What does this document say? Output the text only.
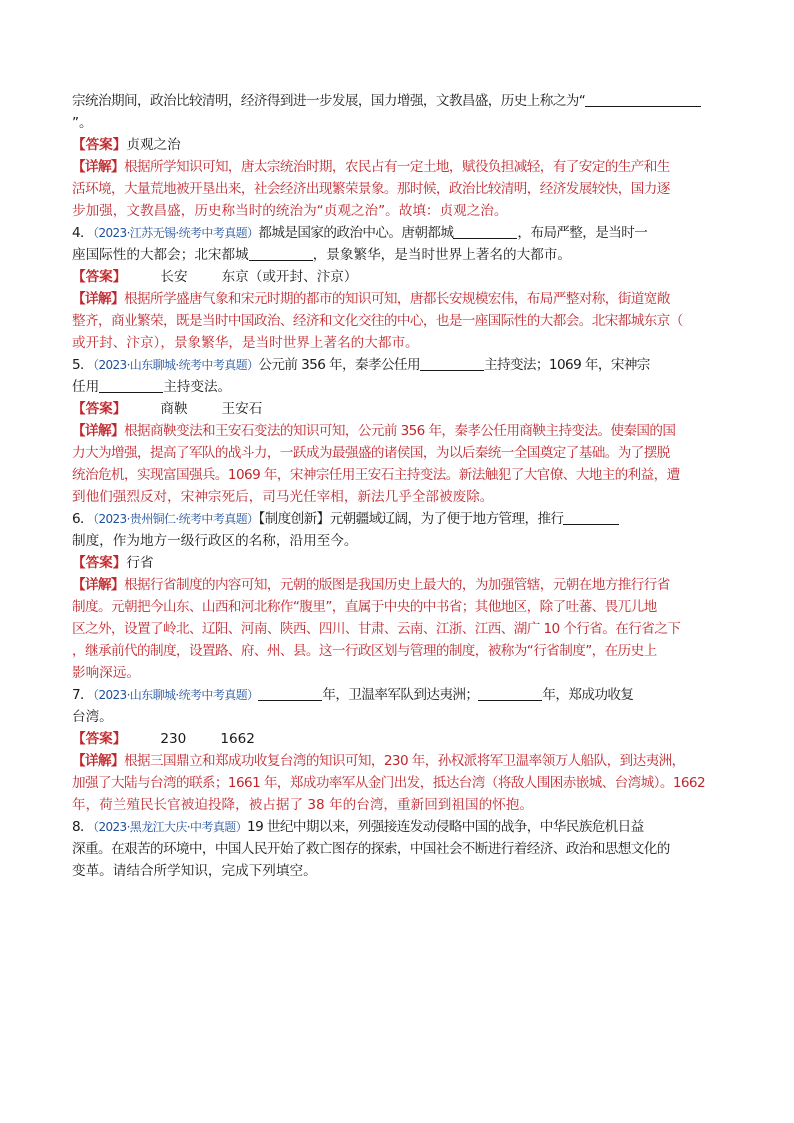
宗统治期间，政治比较清明，经济得到进一步发展，国力增强，文教昌盛，历史上称之为“
”。
【答案】贞观之治
【详解】根据所学知识可知，唐太宗统治时期，农民占有一定土地，赋役负担减轻，有了安定的生产和生
活环境，大量荒地被开垦出来，社会经济出现繁荣景象。那时候，政治比较清明，经济发展较快，国力逐
步加强，文教昌盛，历史称当时的统治为“贞观之治”。故填：贞观之治。
4．（2023·江苏无锡·统考中考真题）都城是国家的政治中心。唐朝都城	，布局严整，是当时一
座国际性的大都会；北宋都城	，景象繁华，是当时世界上著名的大都市。
【答案】	长安	东京（或开封、汴京）
【详解】根据所学盛唐气象和宋元时期的都市的知识可知，唐都长安规模宏伟，布局严整对称，街道宽敞
整齐，商业繁荣，既是当时中国政治、经济和文化交往的中心，也是一座国际性的大都会。北宋都城东京（
或开封、汴京），景象繁华，是当时世界上著名的大都市。
5．（2023·山东聊城·统考中考真题）公元前 356 年，秦孝公任用	主持变法；1069 年，宋神宗
任用	主持变法。
【答案】	商鞅	王安石
【详解】根据商鞅变法和王安石变法的知识可知，公元前 356 年，秦孝公任用商鞅主持变法。使秦国的国
力大为增强，提高了军队的战斗力，一跃成为最强盛的诸侯国，为以后秦统一全国奠定了基础。为了摆脱
统治危机，实现富国强兵。1069 年，宋神宗任用王安石主持变法。新法触犯了大官僚、大地主的利益，遭
到他们强烈反对，宋神宗死后，司马光任宰相，新法几乎全部被废除。
6．（2023·贵州铜仁·统考中考真题）【制度创新】元朝疆域辽阔，为了便于地方管理，推行
制度，作为地方一级行政区的名称，沿用至今。
【答案】行省
【详解】根据行省制度的内容可知，元朝的版图是我国历史上最大的，为加强管辖，元朝在地方推行行省
制度。元朝把今山东、山西和河北称作“腹里”，直属于中央的中书省；其他地区，除了吐蕃、畏兀儿地
区之外，设置了岭北、辽阳、河南、陕西、四川、甘肃、云南、江浙、江西、湖广 10 个行省。在行省之下
，继承前代的制度，设置路、府、州、县。这一行政区划与管理的制度，被称为“行省制度”，在历史上
影响深远。
7．（2023·山东聊城·统考中考真题）	年，卫温率军队到达夷洲；	年，郑成功收复
台湾。
【答案】	230	1662
【详解】根据三国鼎立和郑成功收复台湾的知识可知，230 年，孙权派将军卫温率领万人船队，到达夷洲，
加强了大陆与台湾的联系；1661 年，郑成功率军从金门出发，抵达台湾（将敌人围困赤嵌城、台湾城）。1662
年，荷兰殖民长官被迫投降，被占据了 38 年的台湾，重新回到祖国的怀抱。
8．（2023·黑龙江大庆·中考真题）19 世纪中期以来，列强接连发动侵略中国的战争，中华民族危机日益
深重。在艰苦的环境中，中国人民开始了救亡图存的探索，中国社会不断进行着经济、政治和思想文化的
变革。请结合所学知识，完成下列填空。
